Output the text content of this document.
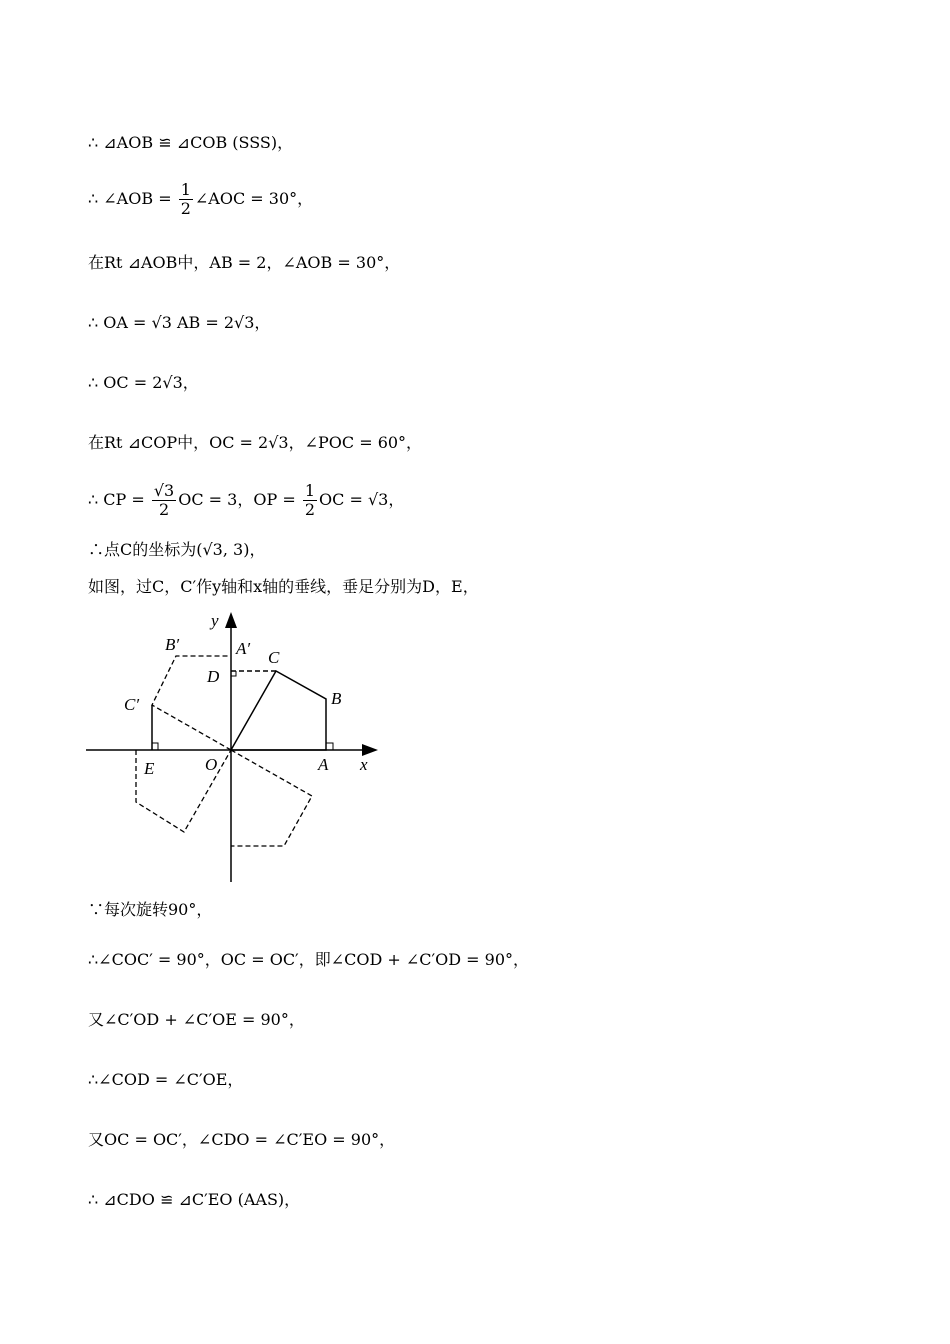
∴ ⊿AOB ≌ ⊿COB (SSS)，
∴ ∠AOB = $\frac{1}{2}$ ∠AOC = 30°，
在Rt ⊿AOB中，AB = 2，∠AOB = 30°，
∴ OA = √3 AB = 2√3，
∴ OC = 2√3，
在Rt ⊿COP中，OC = 2√3，∠POC = 60°，
∴ CP = $\frac{√3}{2}$ OC = 3，OP = $\frac{1}{2}$ OC = √3，
∴点C的坐标为(√3, 3)，
如图，过C，C′作y轴和x轴的垂线，垂足分别为D，E，
y
x
O	A
B
C
D
E
A′
B′
C′
∵每次旋转90°，
∴∠COC′ = 90°，OC = OC′，即∠COD + ∠C′OD = 90°，
又∠C′OD + ∠C′OE = 90°，
∴∠COD = ∠C′OE，
又OC = OC′，∠CDO = ∠C′EO = 90°，
∴ ⊿CDO ≌ ⊿C′EO (AAS)，
